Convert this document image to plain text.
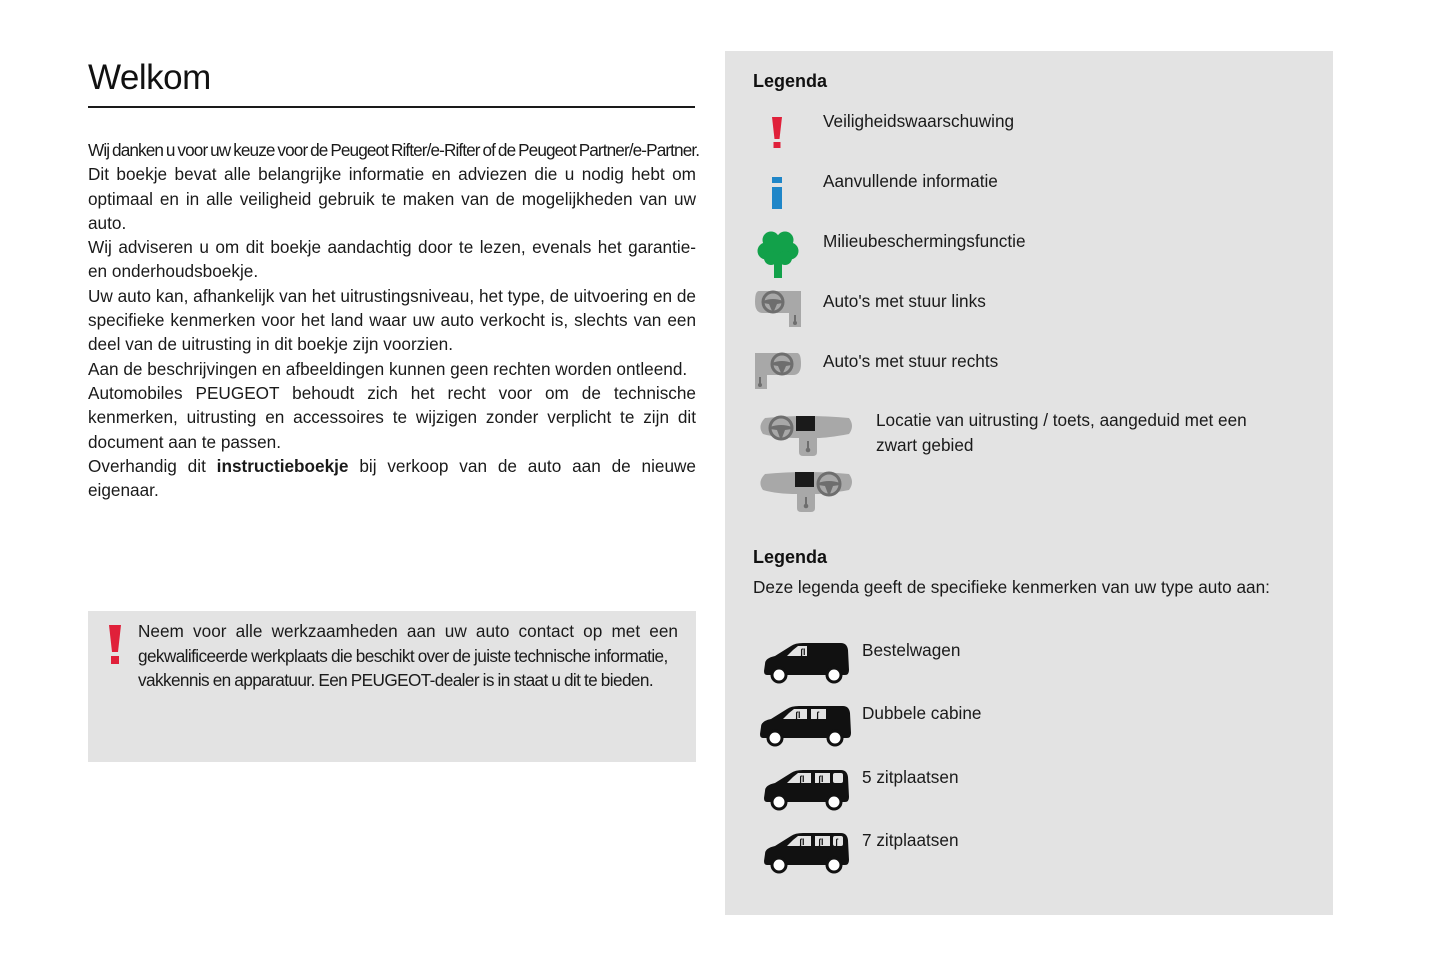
Welkom

Wij danken u voor uw keuze voor de Peugeot Rifter/e-Rifter of de Peugeot Partner/e-Partner.

Dit boekje bevat alle belangrijke informatie en adviezen die u nodig hebt om optimaal en in alle veiligheid gebruik te maken van de mogelijkheden van uw auto.

Wij adviseren u om dit boekje aandachtig door te lezen, evenals het garantie- en onderhoudsboekje.

Uw auto kan, afhankelijk van het uitrustingsniveau, het type, de uitvoering en de specifieke kenmerken voor het land waar uw auto verkocht is, slechts van een deel van de uitrusting in dit boekje zijn voorzien.

Aan de beschrijvingen en afbeeldingen kunnen geen rechten worden ontleend.

Automobiles PEUGEOT behoudt zich het recht voor om de technische kenmerken, uitrusting en accessoires te wijzigen zonder verplicht te zijn dit document aan te passen.

Overhandig dit instructieboekje bij verkoop van de auto aan de nieuwe eigenaar.

Neem voor alle werkzaamheden aan uw auto contact op met een
gekwalificeerde werkplaats die beschikt over de juiste technische informatie,
vakkennis en apparatuur. Een PEUGEOT-dealer is in staat u dit te bieden.
Legenda
Veiligheidswaarschuwing
Aanvullende informatie
Milieubeschermingsfunctie
Auto's met stuur links
Auto's met stuur rechts
Locatie van uitrusting / toets, aangeduid met een zwart gebied
Legenda
Deze legenda geeft de specifieke kenmerken van uw type auto aan:
ʃl	Bestelwagen
ʃl ʃ	Dubbele cabine
ʃl ʃl 5 zitplaatsen
ʃl ʃl ʃ 7 zitplaatsen
